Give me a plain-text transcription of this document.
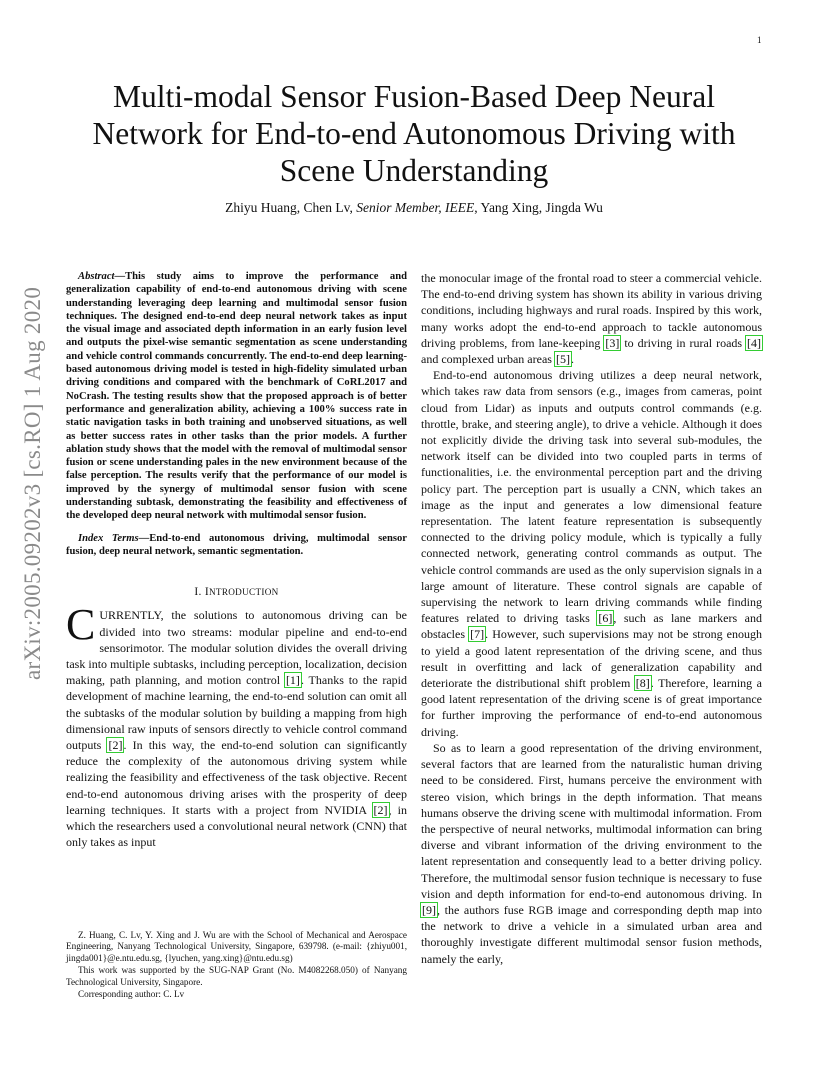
1
arXiv:2005.09202v3 [cs.RO] 1 Aug 2020
Multi-modal Sensor Fusion-Based Deep Neural Network for End-to-end Autonomous Driving with Scene Understanding
Zhiyu Huang, Chen Lv, Senior Member, IEEE, Yang Xing, Jingda Wu

Abstract—This study aims to improve the performance and generalization capability of end-to-end autonomous driving with scene understanding leveraging deep learning and multimodal sensor fusion techniques. The designed end-to-end deep neural network takes as input the visual image and associated depth information in an early fusion level and outputs the pixel-wise semantic segmentation as scene understanding and vehicle control commands concurrently. The end-to-end deep learning-based autonomous driving model is tested in high-fidelity simulated urban driving conditions and compared with the benchmark of CoRL2017 and NoCrash. The testing results show that the proposed approach is of better performance and generalization ability, achieving a 100% success rate in static navigation tasks in both training and unobserved situations, as well as better success rates in other tasks than the prior models. A further ablation study shows that the model with the removal of multimodal sensor fusion or scene understanding pales in the new environment because of the false perception. The results verify that the performance of our model is improved by the synergy of multimodal sensor fusion with scene understanding subtask, demonstrating the feasibility and effectiveness of the developed deep neural network with multimodal sensor fusion.

Index Terms—End-to-end autonomous driving, multimodal sensor fusion, deep neural network, semantic segmentation.

I. INTRODUCTION

CURRENTLY, the solutions to autonomous driving can be divided into two streams: modular pipeline and end-to-end sensorimotor. The modular solution divides the overall driving task into multiple subtasks, including perception, localization, decision making, path planning, and motion control [1]. Thanks to the rapid development of machine learning, the end-to-end solution can omit all the subtasks of the modular solution by building a mapping from high dimensional raw inputs of sensors directly to vehicle control command outputs [2]. In this way, the end-to-end solution can significantly reduce the complexity of the autonomous driving system while realizing the feasibility and effectiveness of the task objective. Recent end-to-end autonomous driving arises with the prosperity of deep learning techniques. It starts with a project from NVIDIA [2], in which the researchers used a convolutional neural network (CNN) that only takes as input

Z. Huang, C. Lv, Y. Xing and J. Wu are with the School of Mechanical and Aerospace Engineering, Nanyang Technological University, Singapore, 639798. (e-mail: {zhiyu001, jingda001}@e.ntu.edu.sg, {lyuchen, yang.xing}@ntu.edu.sg)

This work was supported by the SUG-NAP Grant (No. M4082268.050) of Nanyang Technological University, Singapore.

Corresponding author: C. Lv

the monocular image of the frontal road to steer a commercial vehicle. The end-to-end driving system has shown its ability in various driving conditions, including highways and rural roads. Inspired by this work, many works adopt the end-to-end approach to tackle autonomous driving problems, from lane-keeping [3] to driving in rural roads [4] and complexed urban areas [5].

End-to-end autonomous driving utilizes a deep neural network, which takes raw data from sensors (e.g., images from cameras, point cloud from Lidar) as inputs and outputs control commands (e.g. throttle, brake, and steering angle), to drive a vehicle. Although it does not explicitly divide the driving task into several sub-modules, the network itself can be divided into two coupled parts in terms of functionalities, i.e. the environmental perception part and the driving policy part. The perception part is usually a CNN, which takes an image as the input and generates a low dimensional feature representation. The latent feature representation is subsequently connected to the driving policy module, which is typically a fully connected network, generating control commands as output. The vehicle control commands are used as the only supervision signals in a large amount of literature. These control signals are capable of supervising the network to learn driving commands while finding features related to driving tasks [6], such as lane markers and obstacles [7]. However, such supervisions may not be strong enough to yield a good latent representation of the driving scene, and thus result in overfitting and lack of generalization capability and deteriorate the distributional shift problem [8]. Therefore, learning a good latent representation of the driving scene is of great importance for further improving the performance of end-to-end autonomous driving.

So as to learn a good representation of the driving environment, several factors that are learned from the naturalistic human driving need to be considered. First, humans perceive the environment with stereo vision, which brings in the depth information. That means humans observe the driving scene with multimodal information. From the perspective of neural networks, multimodal information can bring diverse and vibrant information of the driving environment to the latent representation and consequently lead to a better driving policy. Therefore, the multimodal sensor fusion technique is necessary to fuse vision and depth information for end-to-end autonomous driving. In [9], the authors fuse RGB image and corresponding depth map into the network to drive a vehicle in a simulated urban area and thoroughly investigate different multimodal sensor fusion methods, namely the early,
